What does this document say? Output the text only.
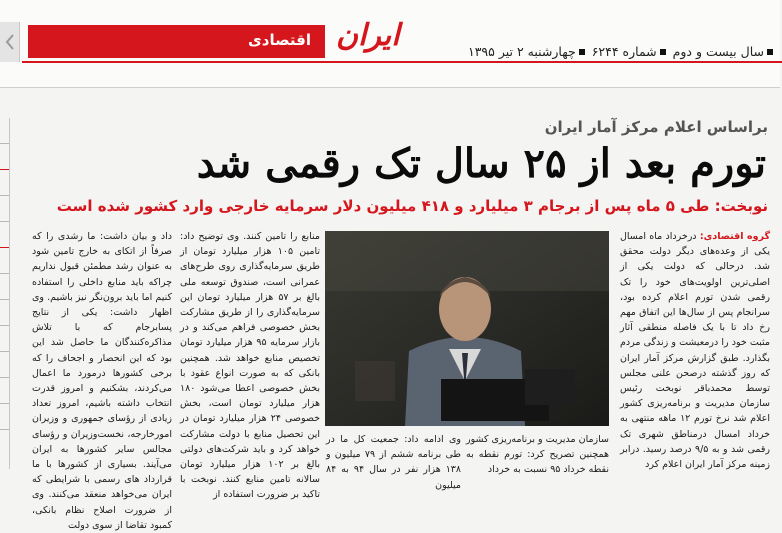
اقتصادی ایران	سال بیست و دومشماره ۶۲۴۴چهارشنبه ۲ تیر ۱۳۹۵
براساس اعلام مرکز آمار ایران
تورم بعد از ۲۵ سال تک رقمی شد
نوبخت: طی ۵ ماه پس از برجام ۳ میلیارد و ۴۱۸ میلیون دلار سرمایه خارجی وارد کشور شده است
گروه اقتصادی: درخرداد ماه امسال یکی از وعده‌های دیگر دولت محقق شد. درحالی که دولت یکی از اصلی‌ترین اولویت‌های خود را تک رقمی شدن تورم اعلام کرده بود، سرانجام پس از سال‌ها این اتفاق مهم رخ داد تا با یک فاصله منطقی آثار مثبت خود را درمعیشت و زندگی مردم بگذارد. طبق گزارش مرکز آمار ایران که روز گذشته درصحن علنی مجلس توسط محمدباقر نوبخت رئیس سازمان مدیریت و برنامه‌ریزی کشور اعلام شد نرخ تورم ۱۲ ماهه منتهی به خرداد امسال درمناطق شهری تک رقمی شد و به ۹/۵ درصد رسید. درابر زمینه مرکز آمار ایران اعلام کرد
سازمان مدیریت و برنامه‌ریزی کشور همچنین تصریح کرد: تورم نقطه به نقطه خرداد ۹۵ نسبت به خرداد
وی ادامه داد: جمعیت کل ما در طی برنامه ششم از ۷۹ میلیون و ۱۳۸ هزار نفر در سال ۹۴ به ۸۴ میلیون
منابع را تامین کنند. وی توضیح داد: تامین ۱۰۵ هزار میلیارد تومان از طریق سرمایه‌گذاری روی طرح‌های عمرانی است، صندوق توسعه ملی بالغ بر ۵۷ هزار میلیارد تومان این سرمایه‌گذاری را از طریق مشارکت بخش خصوصی فراهم می‌کند و در بازار سرمایه ۹۵ هزار میلیارد تومان تخصیص منابع خواهد شد. همچنین بانکی که به صورت انواع عقود با بخش خصوصی اعطا می‌شود ۱۸۰ هزار میلیارد تومان است، بخش خصوصی ۲۴ هزار میلیارد تومان در این تحصیل منابع با دولت مشارکت خواهد کرد و باید شرکت‌های دولتی بالغ بر ۱۰۲ هزار میلیارد تومان سالانه تامین منابع کنند. نوبخت با تاکید بر ضرورت استفاده از
داد و بیان داشت: ما رشدی را که صرفاً از اتکای به خارج تامین شود به عنوان رشد مطمئن قبول نداریم چراکه باید منابع داخلی را استفاده کنیم اما باید برون‌نگر نیز باشیم. وی اظهار داشت: یکی از نتایج پسابرجام که با تلاش مذاکره‌کنندگان ما حاصل شد این بود که این انحصار و اجحاف را که برخی کشورها درمورد ما اعمال می‌کردند، بشکنیم و امروز قدرت انتخاب داشته باشیم، امروز تعداد زیادی از رؤسای جمهوری و وزیران امورخارجه، نخست‌وزیران و رؤسای مجالس سایر کشورها به ایران می‌آیند. بسیاری از کشورها با ما قرارداد های رسمی با شرایطی که ایران می‌خواهد منعقد می‌کنند. وی از ضرورت اصلاح نظام بانکی، کمبود تقاضا از سوی دولت
